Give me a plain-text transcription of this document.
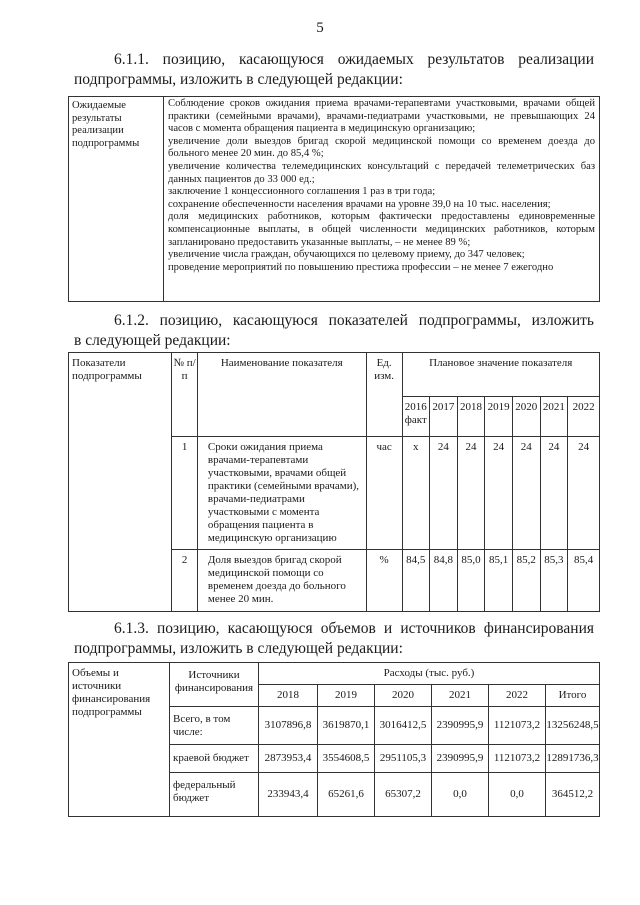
5
6.1.1. позицию, касающуюся ожидаемых результатов реализации
подпрограммы, изложить в следующей редакции:
Ожидаемые результаты реализации подпрограммы	
Соблюдение сроков ожидания приема врачами-терапевтами участковыми, врачами общей практики (семейными врачами), врачами-педиатрами участковыми, не превышающих 24 часов с момента обращения пациента в медицинскую организацию;
увеличение доли выездов бригад скорой медицинской помощи со временем доезда до больного менее 20 мин. до 85,4 %;
увеличение количества телемедицинских консультаций с передачей телеметрических баз данных пациентов до 33 000 ед.;
заключение 1 концессионного соглашения 1 раз в три года;
сохранение обеспеченности населения врачами на уровне 39,0 на 10 тыс. населения;
доля медицинских работников, которым фактически предоставлены единовременные компенсационные выплаты, в общей численности медицинских работников, которым запланировано предоставить указанные выплаты, – не менее 89 %;
увеличение числа граждан, обучающихся по целевому приему, до 347 человек;
проведение мероприятий по повышению престижа профессии – не менее 7 ежегодно
6.1.2. позицию, касающуюся показателей подпрограммы, изложить
в следующей редакции:
Показатели подпрограммы	№ п/п	Наименование показателя	Ед. изм.	Плановое значение показателя						
				2016 факт	2017	2018	2019	2020	2021	2022
	1	Сроки ожидания приема врачами-терапевтами участковыми, врачами общей практики (семейными врачами), врачами-педиатрами участковыми с момента обращения пациента в медицинскую организацию	час	х	24	24	24	24	24	24
	2	Доля выездов бригад скорой медицинской помощи со временем доезда до больного менее 20 мин.	%	84,5	84,8	85,0	85,1	85,2	85,3	85,4
6.1.3. позицию, касающуюся объемов и источников финансирования
подпрограммы, изложить в следующей редакции:
Объемы и источники финансирования подпрограммы	Источники финансирования	Расходы (тыс. руб.)					
		2018	2019	2020	2021	2022	Итого
	Всего, в том числе:	3107896,8	3619870,1	3016412,5	2390995,9	1121073,2	13256248,5
	краевой бюджет	2873953,4	3554608,5	2951105,3	2390995,9	1121073,2	12891736,3
	федеральный бюджет	233943,4	65261,6	65307,2	0,0	0,0	364512,2
